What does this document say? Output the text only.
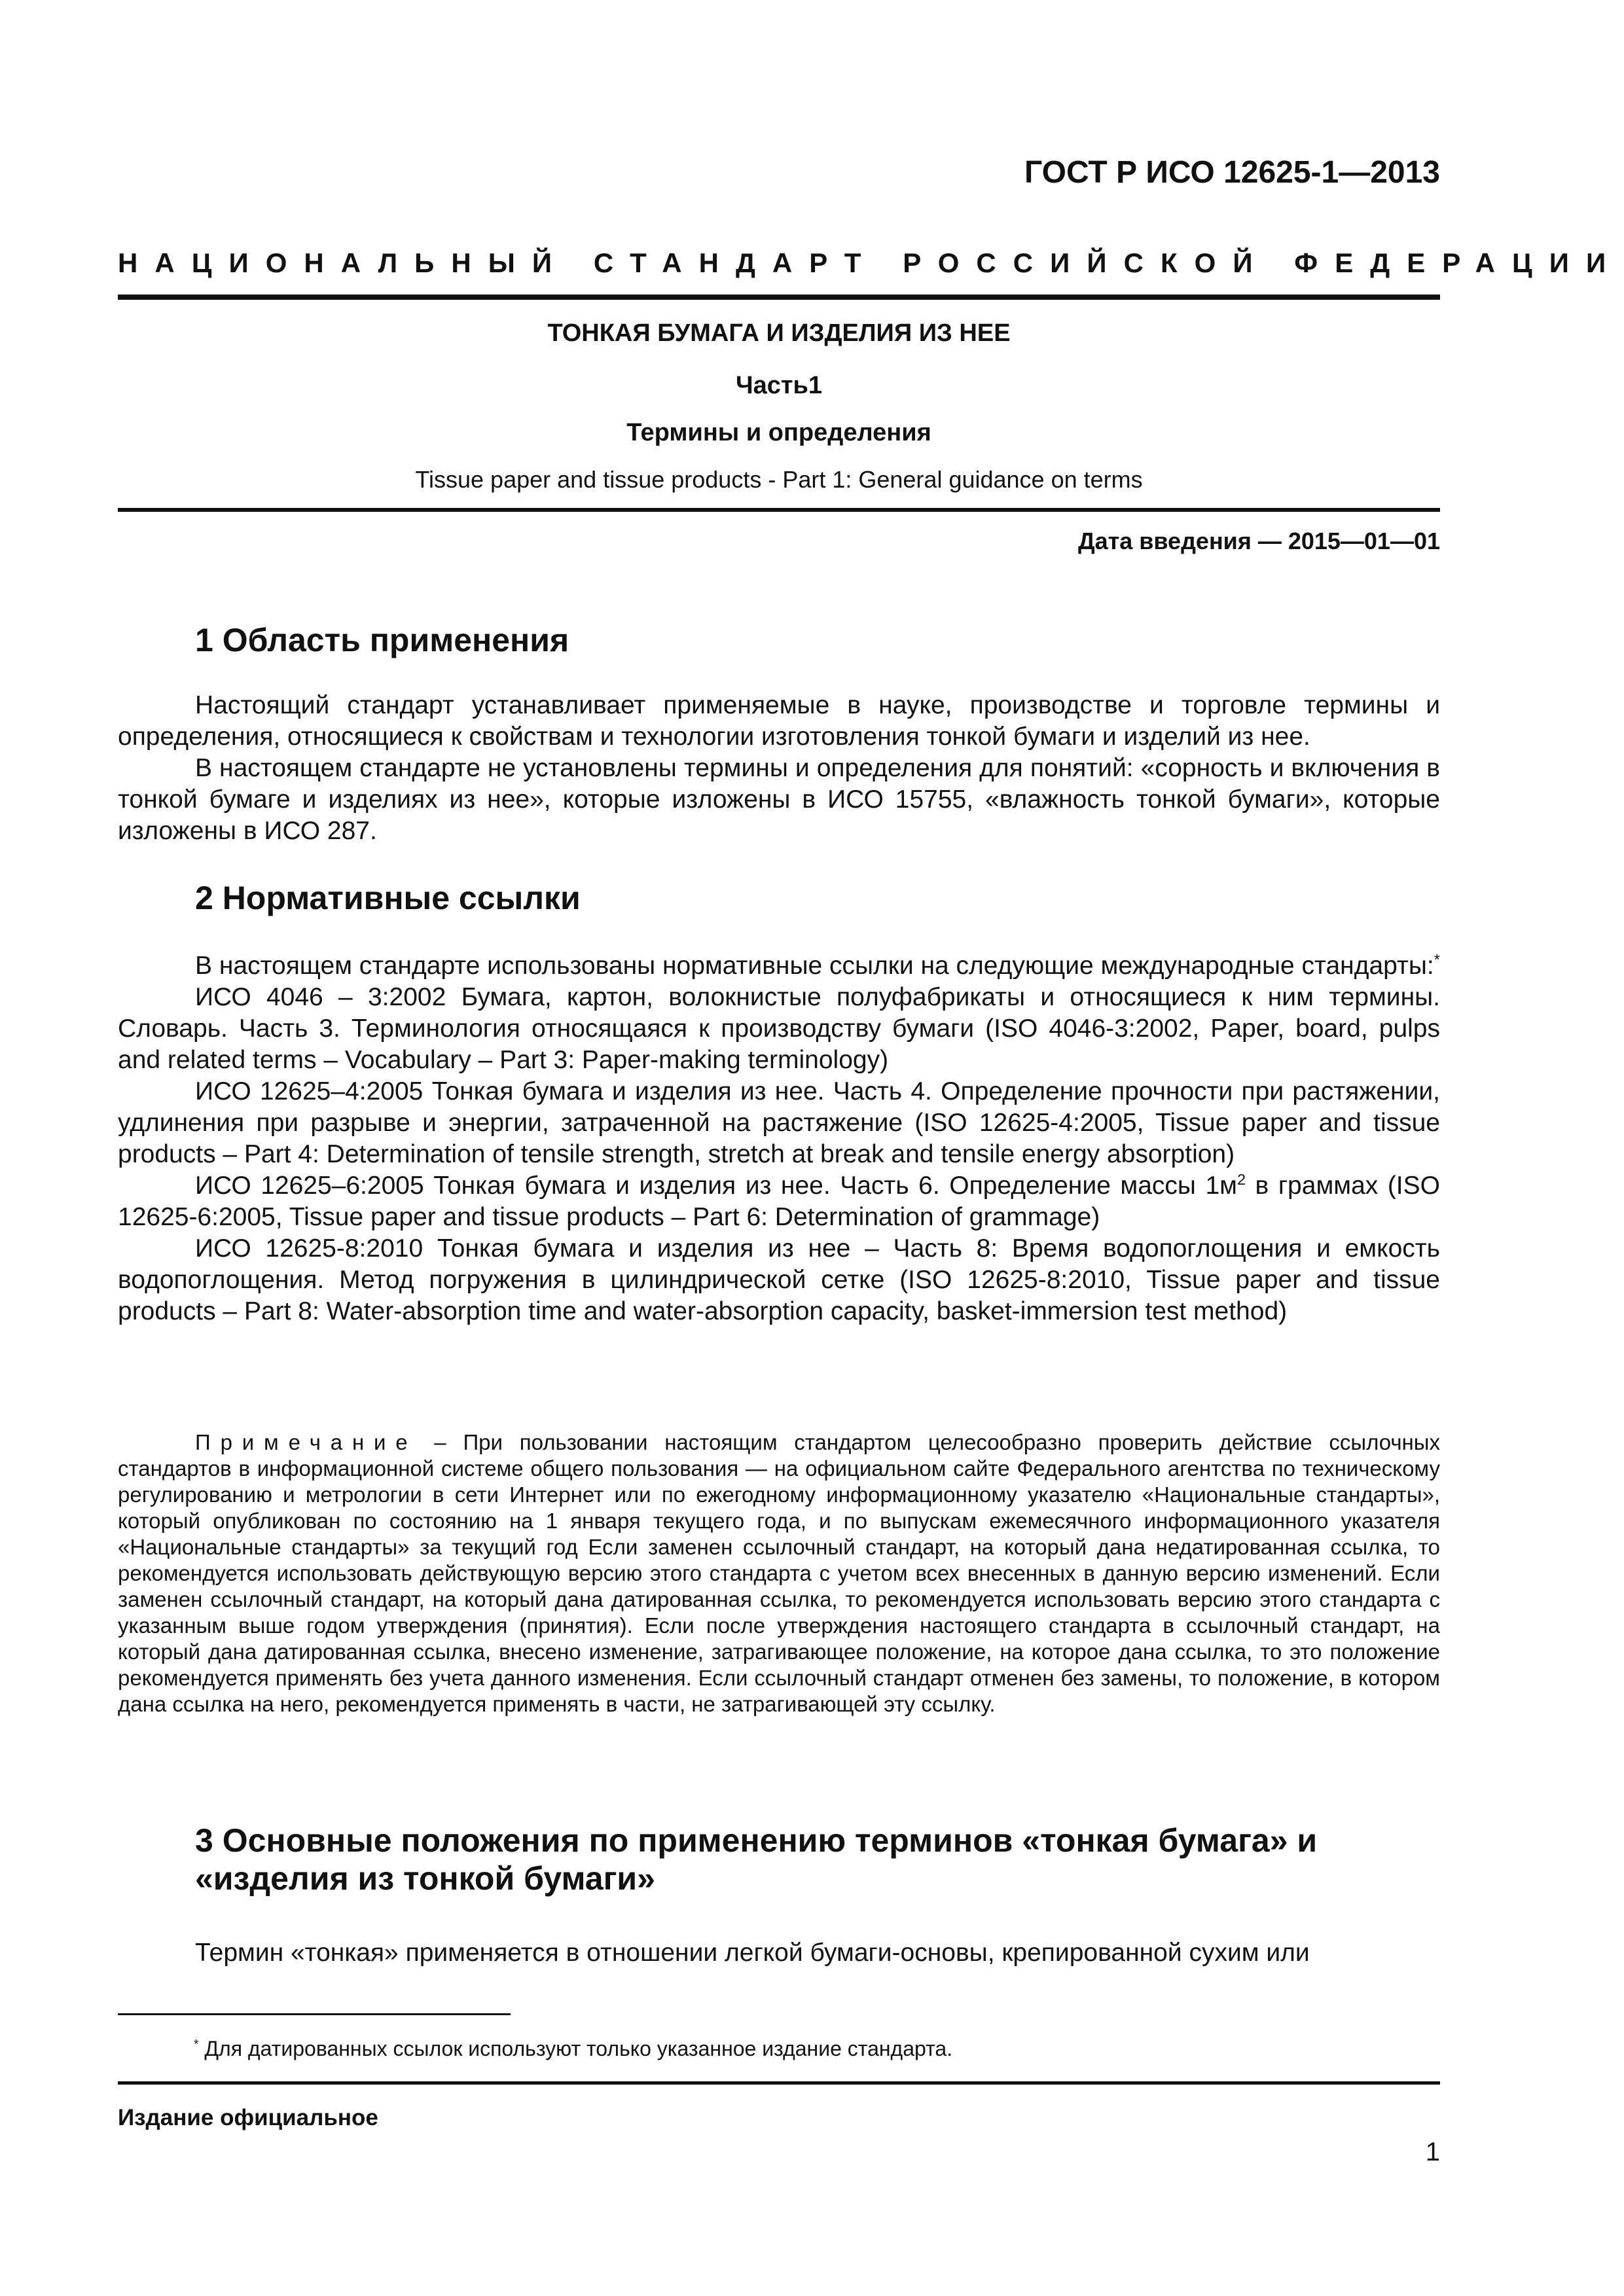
ГОСТ Р ИСО 12625-1—2013
НАЦИОНАЛЬНЫЙ СТАНДАРТ РОССИЙСКОЙ ФЕДЕРАЦИИ
ТОНКАЯ БУМАГА И ИЗДЕЛИЯ ИЗ НЕЕ
Часть1
Термины и определения
Tissue paper and tissue products - Part 1: General guidance on terms
Дата введения — 2015—01—01
1 Область применения

Настоящий стандарт устанавливает применяемые в науке, производстве и торговле термины и определения, относящиеся к свойствам и технологии изготовления тонкой бумаги и изделий из нее.

В настоящем стандарте не установлены термины и определения для понятий: «сорность и включения в тонкой бумаге и изделиях из нее», которые изложены в ИСО 15755, «влажность тонкой бумаги», которые изложены в ИСО 287.

2 Нормативные ссылки

В настоящем стандарте использованы нормативные ссылки на следующие международные стандарты:*

ИСО 4046 – 3:2002 Бумага, картон, волокнистые полуфабрикаты и относящиеся к ним термины. Словарь. Часть 3. Терминология относящаяся к производству бумаги (ISO 4046-3:2002, Paper, board, pulps and related terms – Vocabulary – Part 3: Paper-making terminology)

ИСО 12625–4:2005 Тонкая бумага и изделия из нее. Часть 4. Определение прочности при растяжении, удлинения при разрыве и энергии, затраченной на растяжение (ISO 12625-4:2005, Tissue paper and tissue products – Part 4: Determination of tensile strength, stretch at break and tensile energy absorption)

ИСО 12625–6:2005 Тонкая бумага и изделия из нее. Часть 6. Определение массы $1м^2$ в граммах (ISO 12625-6:2005, Tissue paper and tissue products – Part 6: Determination of grammage)

ИСО 12625-8:2010 Тонкая бумага и изделия из нее – Часть 8: Время водопоглощения и емкость водопоглощения. Метод погружения в цилиндрической сетке (ISO 12625-8:2010, Tissue paper and tissue products – Part 8: Water-absorption time and water-absorption capacity, basket-immersion test method)

Примечание – При пользовании настоящим стандартом целесообразно проверить действие ссылочных стандартов в информационной системе общего пользования — на официальном сайте Федерального агентства по техническому регулированию и метрологии в сети Интернет или по ежегодному информационному указателю «Национальные стандарты», который опубликован по состоянию на 1 января текущего года, и по выпускам ежемесячного информационного указателя «Национальные стандарты» за текущий год Если заменен ссылочный стандарт, на который дана недатированная ссылка, то рекомендуется использовать действующую версию этого стандарта с учетом всех внесенных в данную версию изменений. Если заменен ссылочный стандарт, на который дана датированная ссылка, то рекомендуется использовать версию этого стандарта с указанным выше годом утверждения (принятия). Если после утверждения настоящего стандарта в ссылочный стандарт, на который дана датированная ссылка, внесено изменение, затрагивающее положение, на которое дана ссылка, то это положение рекомендуется применять без учета данного изменения. Если ссылочный стандарт отменен без замены, то положение, в котором дана ссылка на него, рекомендуется применять в части, не затрагивающей эту ссылку.

3 Основные положения по применению терминов «тонкая бумага» и «изделия из тонкой бумаги»

Термин «тонкая» применяется в отношении легкой бумаги-основы, крепированной сухим или

* Для датированных ссылок используют только указанное издание стандарта.
Издание официальное
1
